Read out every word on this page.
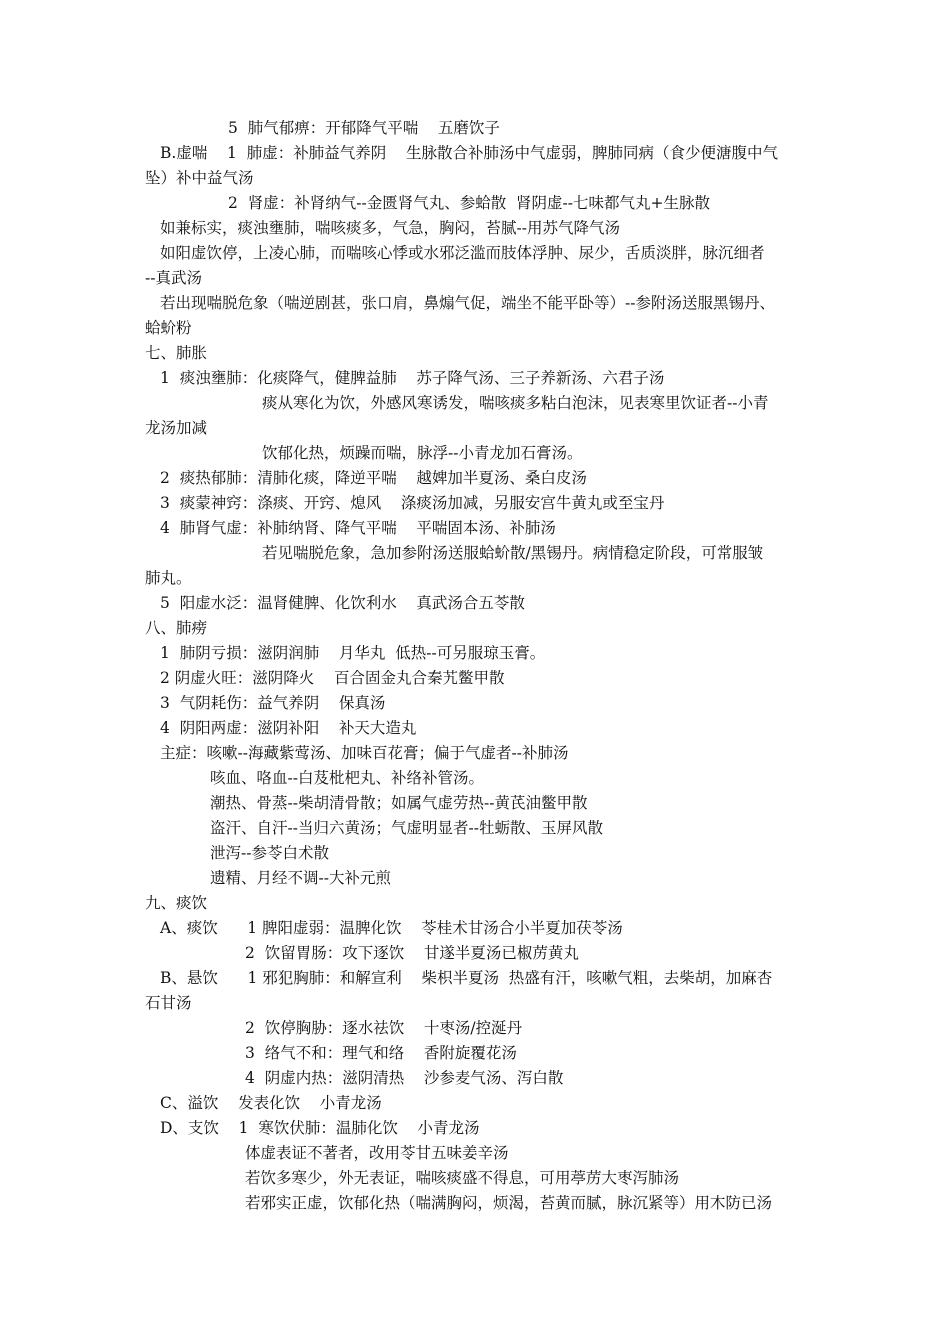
5  肺气郁痹：开郁降气平喘    五磨饮子
B.虚喘    1  肺虚：补肺益气养阴    生脉散合补肺汤中气虚弱，脾肺同病（食少便溏腹中气
坠）补中益气汤
2  肾虚：补肾纳气--金匮肾气丸、参蛤散  肾阴虚--七味都气丸+生脉散
如兼标实，痰浊壅肺，喘咳痰多，气急，胸闷，苔腻--用苏气降气汤
如阳虚饮停，上凌心肺，而喘咳心悸或水邪泛滥而肢体浮肿、尿少，舌质淡胖，脉沉细者
--真武汤
若出现喘脱危象（喘逆剧甚，张口肩，鼻煽气促，端坐不能平卧等）--参附汤送服黑锡丹、
蛤蚧粉
七、肺胀
1  痰浊壅肺：化痰降气，健脾益肺    苏子降气汤、三子养新汤、六君子汤
痰从寒化为饮，外感风寒诱发，喘咳痰多粘白泡沫，见表寒里饮证者--小青
龙汤加减
饮郁化热，烦躁而喘，脉浮--小青龙加石膏汤。
2  痰热郁肺：清肺化痰，降逆平喘    越婢加半夏汤、桑白皮汤
3  痰蒙神窍：涤痰、开窍、熄风    涤痰汤加减，另服安宫牛黄丸或至宝丹
4  肺肾气虚：补肺纳肾、降气平喘    平喘固本汤、补肺汤
若见喘脱危象，急加参附汤送服蛤蚧散/黑锡丹。病情稳定阶段，可常服皱
肺丸。
5  阳虚水泛：温肾健脾、化饮利水    真武汤合五苓散
八、肺痨
1  肺阴亏损：滋阴润肺    月华丸  低热--可另服琼玉膏。
2 阴虚火旺：滋阴降火    百合固金丸合秦艽鳖甲散
3  气阴耗伤：益气养阴    保真汤
4  阴阳两虚：滋阴补阳    补天大造丸
主症：咳嗽--海藏紫莺汤、加味百花膏；偏于气虚者--补肺汤
咳血、咯血--白芨枇杷丸、补络补管汤。
潮热、骨蒸--柴胡清骨散；如属气虚劳热--黄芪油鳖甲散
盗汗、自汗--当归六黄汤；气虚明显者--牡蛎散、玉屏风散
泄泻--参苓白术散
遗精、月经不调--大补元煎
九、痰饮
A、痰饮      1 脾阳虚弱：温脾化饮    苓桂术甘汤合小半夏加茯苓汤
2  饮留胃肠：攻下逐饮    甘遂半夏汤已椒苈黄丸
B、悬饮      1 邪犯胸肺：和解宣利    柴枳半夏汤  热盛有汗，咳嗽气粗，去柴胡，加麻杏
石甘汤
2  饮停胸胁：逐水祛饮    十枣汤/控涎丹
3  络气不和：理气和络    香附旋覆花汤
4  阴虚内热：滋阴清热    沙参麦气汤、泻白散
C、溢饮    发表化饮    小青龙汤
D、支饮    1  寒饮伏肺：温肺化饮    小青龙汤
体虚表证不著者，改用苓甘五味姜辛汤
若饮多寒少，外无表证，喘咳痰盛不得息，可用葶苈大枣泻肺汤
若邪实正虚，饮郁化热（喘满胸闷，烦渴，苔黄而腻，脉沉紧等）用木防已汤
